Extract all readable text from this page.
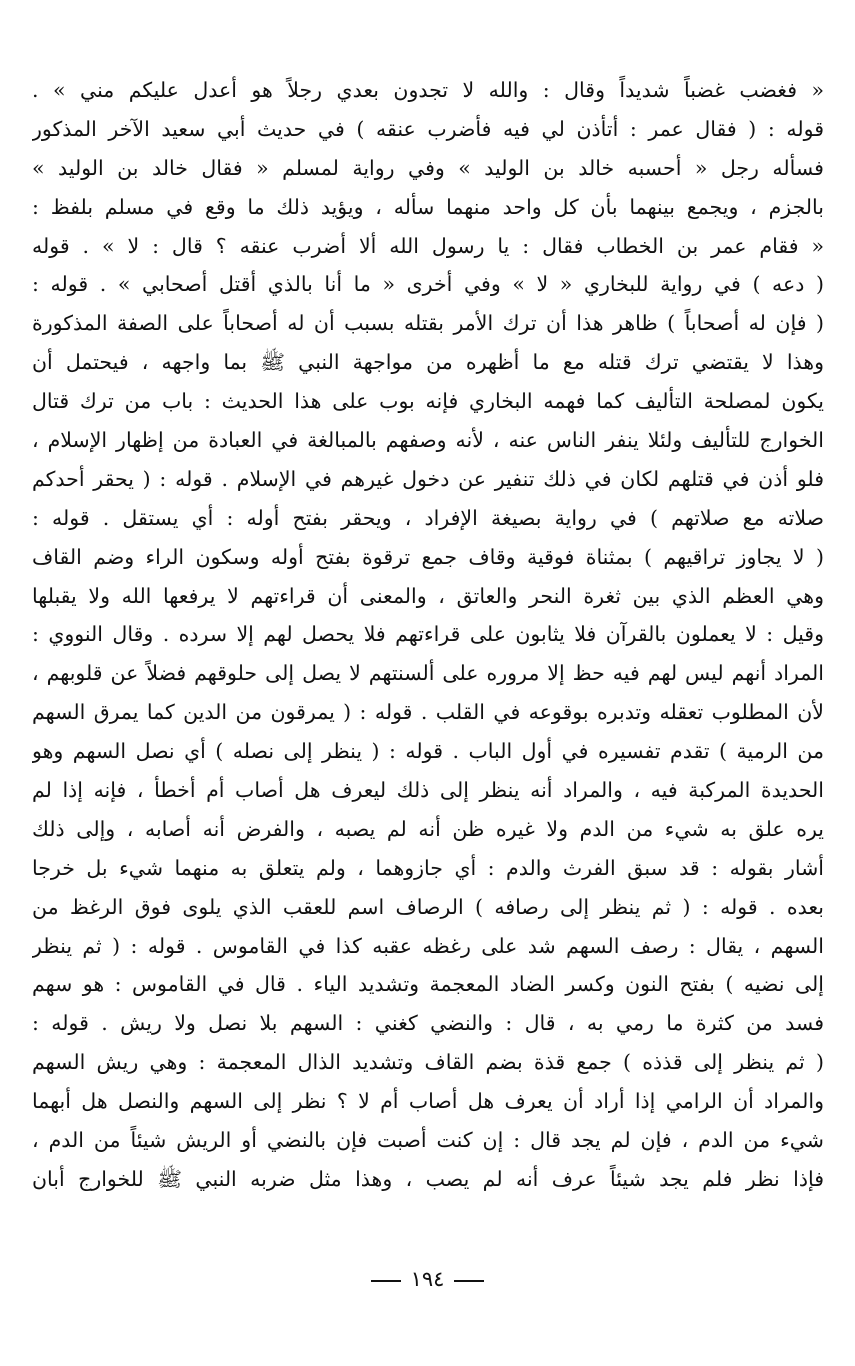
« فغضب غضباً شديداً وقال : والله لا تجدون بعدي رجلاً هو أعدل عليكم مني » .
قوله : ( فقال عمر : أتأذن لي فيه فأضرب عنقه ) في حديث أبي سعيد الآخر المذكور
فسأله رجل « أحسبه خالد بن الوليد » وفي رواية لمسلم « فقال خالد بن الوليد »
بالجزم ، ويجمع بينهما بأن كل واحد منهما سأله ، ويؤيد ذلك ما وقع في مسلم بلفظ :
« فقام عمر بن الخطاب فقال : يا رسول الله ألا أضرب عنقه ؟ قال : لا » . قوله
( دعه ) في رواية للبخاري « لا » وفي أخرى « ما أنا بالذي أقتل أصحابي » . قوله :
( فإن له أصحاباً ) ظاهر هذا أن ترك الأمر بقتله بسبب أن له أصحاباً على الصفة المذكورة
وهذا لا يقتضي ترك قتله مع ما أظهره من مواجهة النبي ﷺ بما واجهه ، فيحتمل أن
يكون لمصلحة التأليف كما فهمه البخاري فإنه بوب على هذا الحديث : باب من ترك قتال
الخوارج للتأليف ولئلا ينفر الناس عنه ، لأنه وصفهم بالمبالغة في العبادة من إظهار الإسلام ،
فلو أذن في قتلهم لكان في ذلك تنفير عن دخول غيرهم في الإسلام . قوله : ( يحقر أحدكم
صلاته مع صلاتهم ) في رواية بصيغة الإفراد ، ويحقر بفتح أوله : أي يستقل . قوله :
( لا يجاوز تراقيهم ) بمثناة فوقية وقاف جمع ترقوة بفتح أوله وسكون الراء وضم القاف
وهي العظم الذي بين ثغرة النحر والعاتق ، والمعنى أن قراءتهم لا يرفعها الله ولا يقبلها
وقيل : لا يعملون بالقرآن فلا يثابون على قراءتهم فلا يحصل لهم إلا سرده . وقال النووي :
المراد أنهم ليس لهم فيه حظ إلا مروره على ألسنتهم لا يصل إلى حلوقهم فضلاً عن قلوبهم ،
لأن المطلوب تعقله وتدبره بوقوعه في القلب . قوله : ( يمرقون من الدين كما يمرق السهم
من الرمية ) تقدم تفسيره في أول الباب . قوله : ( ينظر إلى نصله ) أي نصل السهم وهو
الحديدة المركبة فيه ، والمراد أنه ينظر إلى ذلك ليعرف هل أصاب أم أخطأ ، فإنه إذا لم
يره علق به شيء من الدم ولا غيره ظن أنه لم يصبه ، والفرض أنه أصابه ، وإلى ذلك
أشار بقوله : قد سبق الفرث والدم : أي جازوهما ، ولم يتعلق به منهما شيء بل خرجا
بعده . قوله : ( ثم ينظر إلى رصافه ) الرصاف اسم للعقب الذي يلوى فوق الرغظ من
السهم ، يقال : رصف السهم شد على رغظه عقبه كذا في القاموس . قوله : ( ثم ينظر
إلى نضيه ) بفتح النون وكسر الضاد المعجمة وتشديد الياء . قال في القاموس : هو سهم
فسد من كثرة ما رمي به ، قال : والنضي كغني : السهم بلا نصل ولا ريش . قوله :
( ثم ينظر إلى قذذه ) جمع قذة بضم القاف وتشديد الذال المعجمة : وهي ريش السهم
والمراد أن الرامي إذا أراد أن يعرف هل أصاب أم لا ؟ نظر إلى السهم والنصل هل أبهما
شيء من الدم ، فإن لم يجد قال : إن كنت أصبت فإن بالنضي أو الريش شيئاً من الدم ،
فإذا نظر فلم يجد شيئاً عرف أنه لم يصب ، وهذا مثل ضربه النبي ﷺ للخوارج أبان
١٩٤
